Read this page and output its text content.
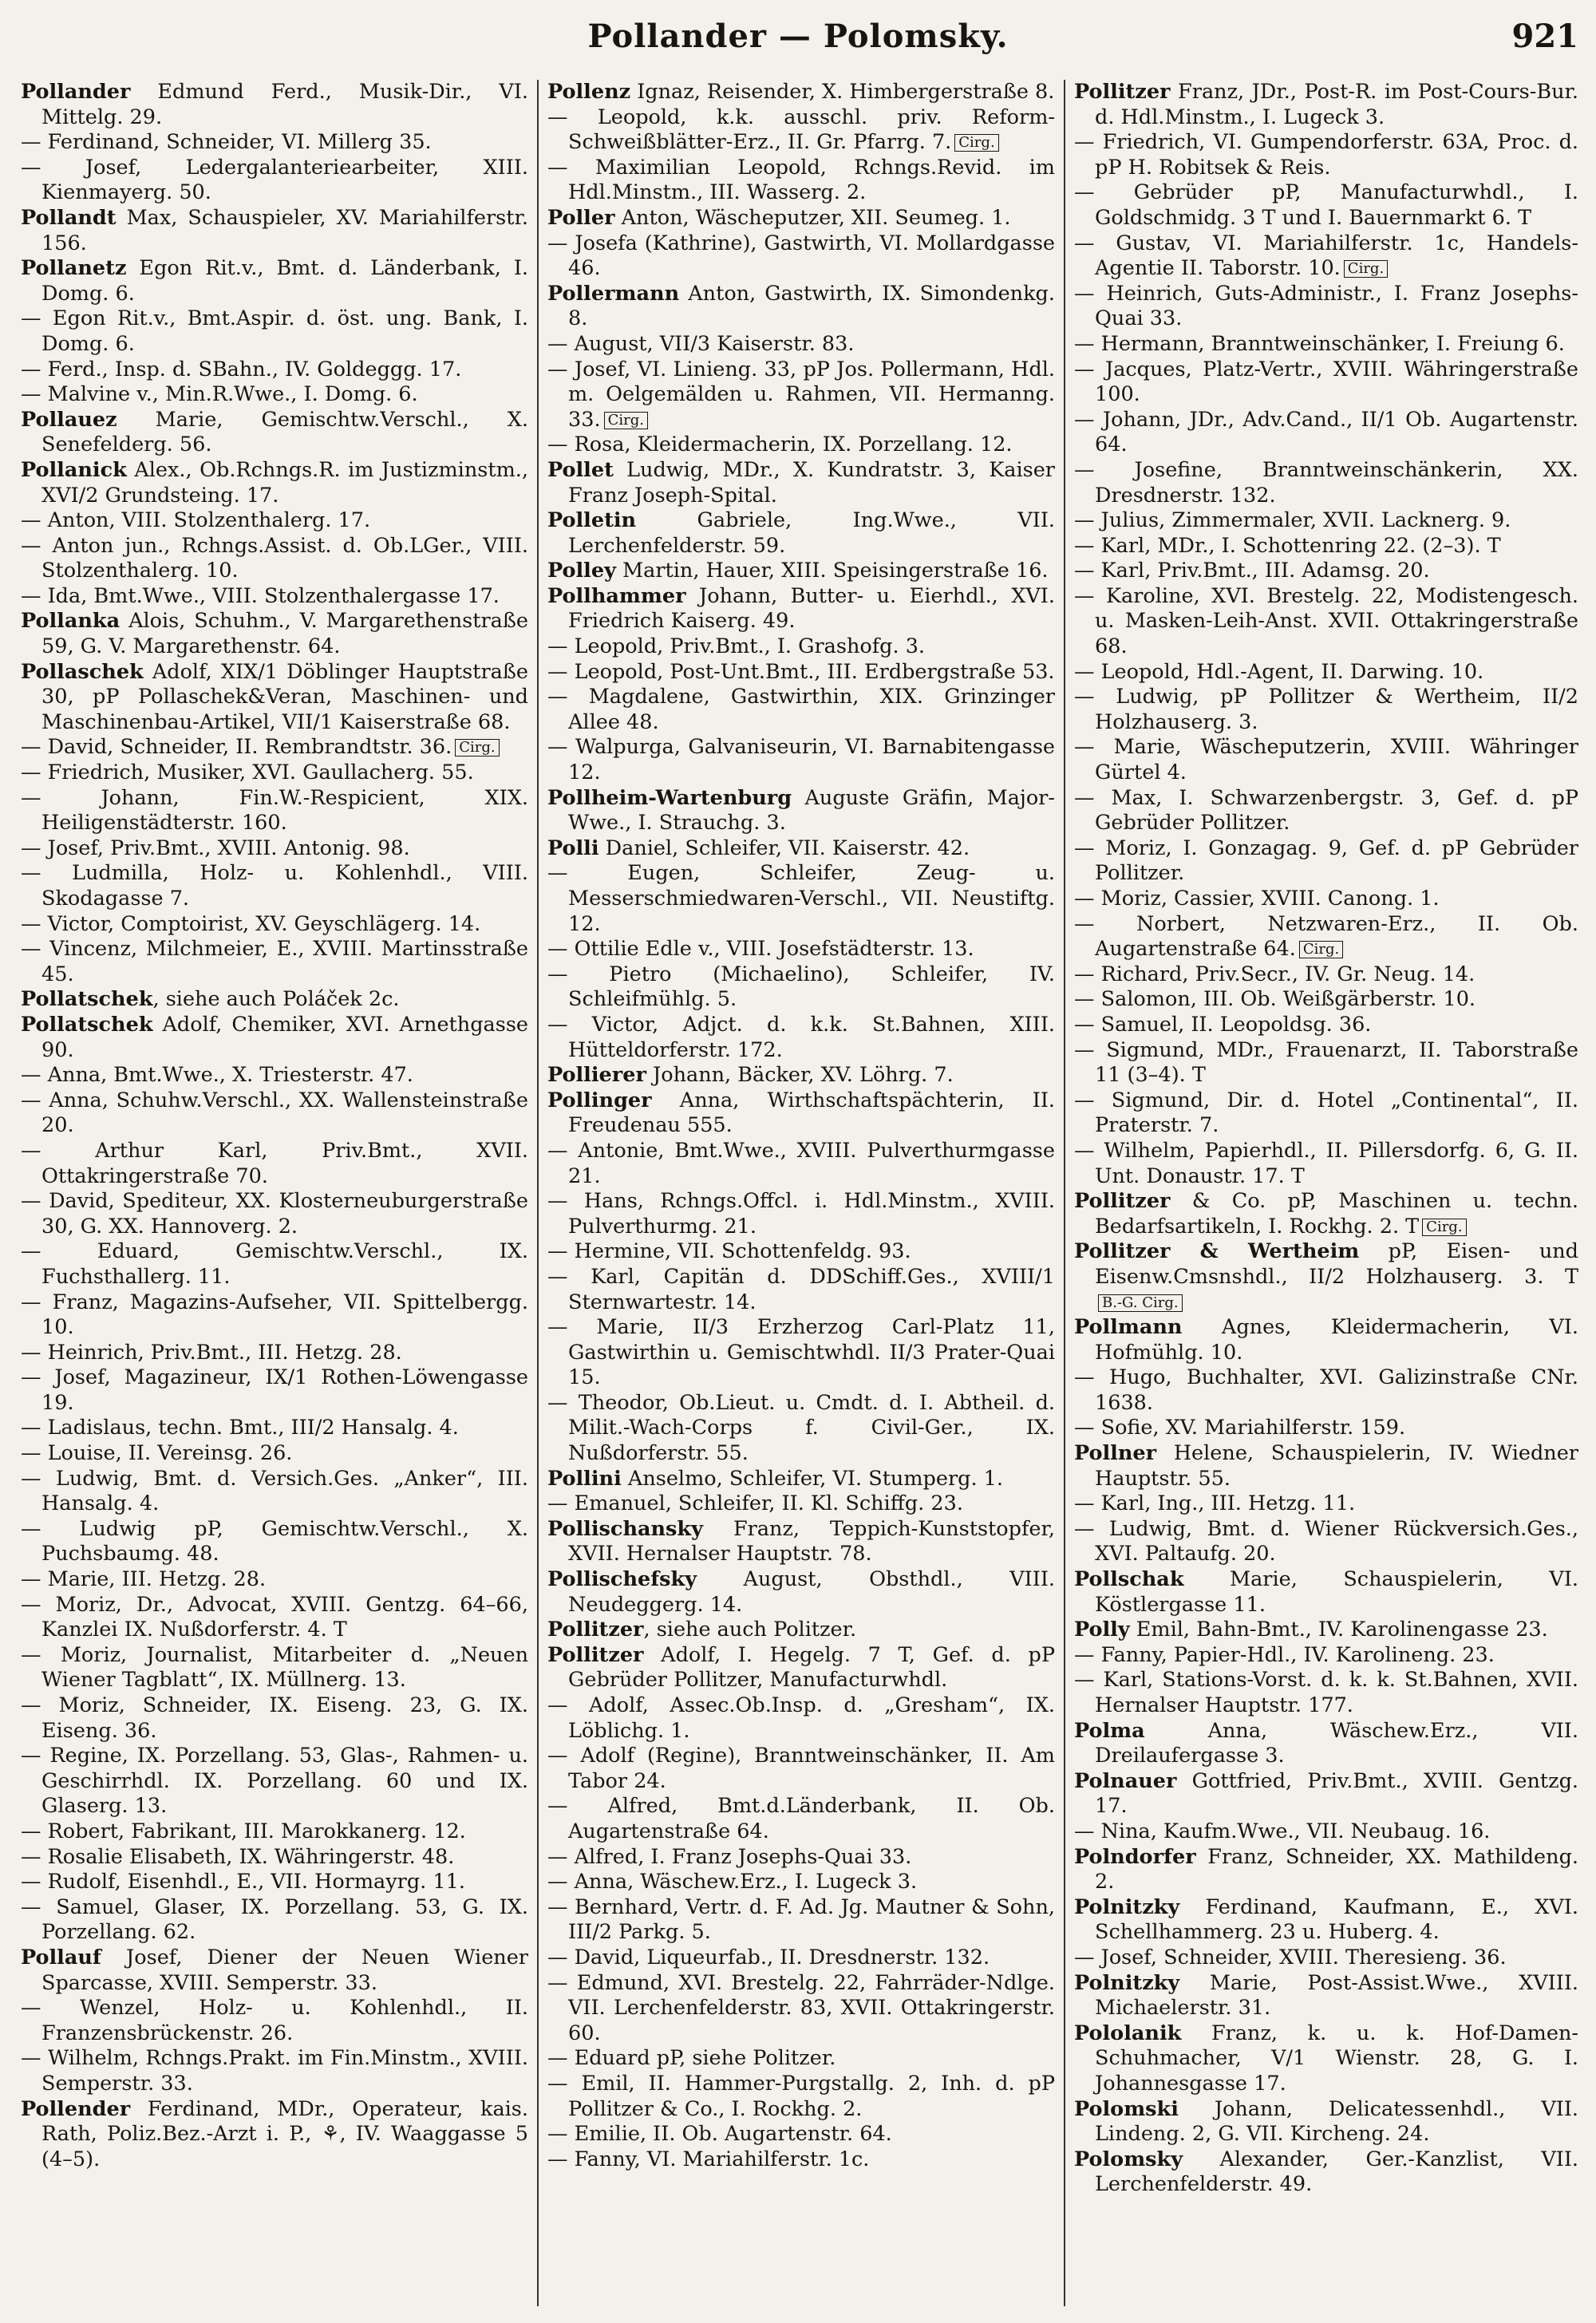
Pollander — Polomsky.	921

Pollander Edmund Ferd., Musik-Dir., VI. Mittelg. 29.

— Ferdinand, Schneider, VI. Millerg 35.

— Josef, Ledergalanteriearbeiter, XIII. Kienmayerg. 50.

Pollandt Max, Schauspieler, XV. Mariahilferstr. 156.

Pollanetz Egon Rit.v., Bmt. d. Länderbank, I. Domg. 6.

— Egon Rit.v., Bmt.Aspir. d. öst. ung. Bank, I. Domg. 6.

— Ferd., Insp. d. SBahn., IV. Goldeggg. 17.

— Malvine v., Min.R.Wwe., I. Domg. 6.

Pollauez Marie, Gemischtw.Verschl., X. Senefelderg. 56.

Pollanick Alex., Ob.Rchngs.R. im Justizminstm., XVI/2 Grundsteing. 17.

— Anton, VIII. Stolzenthalerg. 17.

— Anton jun., Rchngs.Assist. d. Ob.LGer., VIII. Stolzenthalerg. 10.

— Ida, Bmt.Wwe., VIII. Stolzenthalergasse 17.

Pollanka Alois, Schuhm., V. Margarethenstraße 59, G. V. Margarethenstr. 64.

Pollaschek Adolf, XIX/1 Döblinger Hauptstraße 30, pP Pollaschek&Veran, Maschinen- und Maschinenbau-Artikel, VII/1 Kaiserstraße 68.

— David, Schneider, II. Rembrandtstr. 36. Cirg.

— Friedrich, Musiker, XVI. Gaullacherg. 55.

— Johann, Fin.W.-Respicient, XIX. Heiligenstädterstr. 160.

— Josef, Priv.Bmt., XVIII. Antonig. 98.

— Ludmilla, Holz- u. Kohlenhdl., VIII. Skodagasse 7.

— Victor, Comptoirist, XV. Geyschlägerg. 14.

— Vincenz, Milchmeier, E., XVIII. Martinsstraße 45.

Pollatschek, siehe auch Poláček 2c.

Pollatschek Adolf, Chemiker, XVI. Arnethgasse 90.

— Anna, Bmt.Wwe., X. Triesterstr. 47.

— Anna, Schuhw.Verschl., XX. Wallensteinstraße 20.

— Arthur Karl, Priv.Bmt., XVII. Ottakringerstraße 70.

— David, Spediteur, XX. Klosterneuburgerstraße 30, G. XX. Hannoverg. 2.

— Eduard, Gemischtw.Verschl., IX. Fuchsthallerg. 11.

— Franz, Magazins-Aufseher, VII. Spittelbergg. 10.

— Heinrich, Priv.Bmt., III. Hetzg. 28.

— Josef, Magazineur, IX/1 Rothen-Löwengasse 19.

— Ladislaus, techn. Bmt., III/2 Hansalg. 4.

— Louise, II. Vereinsg. 26.

— Ludwig, Bmt. d. Versich.Ges. „Anker“, III. Hansalg. 4.

— Ludwig pP, Gemischtw.Verschl., X. Puchsbaumg. 48.

— Marie, III. Hetzg. 28.

— Moriz, Dr., Advocat, XVIII. Gentzg. 64–66, Kanzlei IX. Nußdorferstr. 4. T

— Moriz, Journalist, Mitarbeiter d. „Neuen Wiener Tagblatt“, IX. Müllnerg. 13.

— Moriz, Schneider, IX. Eiseng. 23, G. IX. Eiseng. 36.

— Regine, IX. Porzellang. 53, Glas-, Rahmen- u. Geschirrhdl. IX. Porzellang. 60 und IX. Glaserg. 13.

— Robert, Fabrikant, III. Marokkanerg. 12.

— Rosalie Elisabeth, IX. Währingerstr. 48.

— Rudolf, Eisenhdl., E., VII. Hormayrg. 11.

— Samuel, Glaser, IX. Porzellang. 53, G. IX. Porzellang. 62.

Pollauf Josef, Diener der Neuen Wiener Sparcasse, XVIII. Semperstr. 33.

— Wenzel, Holz- u. Kohlenhdl., II. Franzensbrückenstr. 26.

— Wilhelm, Rchngs.Prakt. im Fin.Minstm., XVIII. Semperstr. 33.

Pollender Ferdinand, MDr., Operateur, kais. Rath, Poliz.Bez.-Arzt i. P., ⚘, IV. Waaggasse 5 (4–5).

Pollenz Ignaz, Reisender, X. Himbergerstraße 8.

— Leopold, k.k. ausschl. priv. Reform-Schweißblätter-Erz., II. Gr. Pfarrg. 7. Cirg.

— Maximilian Leopold, Rchngs.Revid. im Hdl.Minstm., III. Wasserg. 2.

Poller Anton, Wäscheputzer, XII. Seumeg. 1.

— Josefa (Kathrine), Gastwirth, VI. Mollardgasse 46.

Pollermann Anton, Gastwirth, IX. Simondenkg. 8.

— August, VII/3 Kaiserstr. 83.

— Josef, VI. Linieng. 33, pP Jos. Pollermann, Hdl. m. Oelgemälden u. Rahmen, VII. Hermanng. 33. Cirg.

— Rosa, Kleidermacherin, IX. Porzellang. 12.

Pollet Ludwig, MDr., X. Kundratstr. 3, Kaiser Franz Joseph-Spital.

Polletin Gabriele, Ing.Wwe., VII. Lerchenfelderstr. 59.

Polley Martin, Hauer, XIII. Speisingerstraße 16.

Pollhammer Johann, Butter- u. Eierhdl., XVI. Friedrich Kaiserg. 49.

— Leopold, Priv.Bmt., I. Grashofg. 3.

— Leopold, Post-Unt.Bmt., III. Erdbergstraße 53.

— Magdalene, Gastwirthin, XIX. Grinzinger Allee 48.

— Walpurga, Galvaniseurin, VI. Barnabitengasse 12.

Pollheim-Wartenburg Auguste Gräfin, Major-Wwe., I. Strauchg. 3.

Polli Daniel, Schleifer, VII. Kaiserstr. 42.

— Eugen, Schleifer, Zeug- u. Messerschmiedwaren-Verschl., VII. Neustiftg. 12.

— Ottilie Edle v., VIII. Josefstädterstr. 13.

— Pietro (Michaelino), Schleifer, IV. Schleifmühlg. 5.

— Victor, Adjct. d. k.k. St.Bahnen, XIII. Hütteldorferstr. 172.

Pollierer Johann, Bäcker, XV. Löhrg. 7.

Pollinger Anna, Wirthschaftspächterin, II. Freudenau 555.

— Antonie, Bmt.Wwe., XVIII. Pulverthurmgasse 21.

— Hans, Rchngs.Offcl. i. Hdl.Minstm., XVIII. Pulverthurmg. 21.

— Hermine, VII. Schottenfeldg. 93.

— Karl, Capitän d. DDSchiff.Ges., XVIII/1 Sternwartestr. 14.

— Marie, II/3 Erzherzog Carl-Platz 11, Gastwirthin u. Gemischtwhdl. II/3 Prater-Quai 15.

— Theodor, Ob.Lieut. u. Cmdt. d. I. Abtheil. d. Milit.-Wach-Corps f. Civil-Ger., IX. Nußdorferstr. 55.

Pollini Anselmo, Schleifer, VI. Stumperg. 1.

— Emanuel, Schleifer, II. Kl. Schiffg. 23.

Pollischansky Franz, Teppich-Kunststopfer, XVII. Hernalser Hauptstr. 78.

Pollischefsky August, Obsthdl., VIII. Neudeggerg. 14.

Pollitzer, siehe auch Politzer.

Pollitzer Adolf, I. Hegelg. 7 T, Gef. d. pP Gebrüder Pollitzer, Manufacturwhdl.

— Adolf, Assec.Ob.Insp. d. „Gresham“, IX. Löblichg. 1.

— Adolf (Regine), Branntweinschänker, II. Am Tabor 24.

— Alfred, Bmt.d.Länderbank, II. Ob. Augartenstraße 64.

— Alfred, I. Franz Josephs-Quai 33.

— Anna, Wäschew.Erz., I. Lugeck 3.

— Bernhard, Vertr. d. F. Ad. Jg. Mautner & Sohn, III/2 Parkg. 5.

— David, Liqueurfab., II. Dresdnerstr. 132.

— Edmund, XVI. Brestelg. 22, Fahrräder-Ndlge. VII. Lerchenfelderstr. 83, XVII. Ottakringerstr. 60.

— Eduard pP, siehe Politzer.

— Emil, II. Hammer-Purgstallg. 2, Inh. d. pP Pollitzer & Co., I. Rockhg. 2.

— Emilie, II. Ob. Augartenstr. 64.

— Fanny, VI. Mariahilferstr. 1c.

Pollitzer Franz, JDr., Post-R. im Post-Cours-Bur. d. Hdl.Minstm., I. Lugeck 3.

— Friedrich, VI. Gumpendorferstr. 63A, Proc. d. pP H. Robitsek & Reis.

— Gebrüder pP, Manufacturwhdl., I. Goldschmidg. 3 T und I. Bauernmarkt 6. T

— Gustav, VI. Mariahilferstr. 1c, Handels-Agentie II. Taborstr. 10. Cirg.

— Heinrich, Guts-Administr., I. Franz Josephs-Quai 33.

— Hermann, Branntweinschänker, I. Freiung 6.

— Jacques, Platz-Vertr., XVIII. Währingerstraße 100.

— Johann, JDr., Adv.Cand., II/1 Ob. Augartenstr. 64.

— Josefine, Branntweinschänkerin, XX. Dresdnerstr. 132.

— Julius, Zimmermaler, XVII. Lacknerg. 9.

— Karl, MDr., I. Schottenring 22. (2–3). T

— Karl, Priv.Bmt., III. Adamsg. 20.

— Karoline, XVI. Brestelg. 22, Modistengesch. u. Masken-Leih-Anst. XVII. Ottakringerstraße 68.

— Leopold, Hdl.-Agent, II. Darwing. 10.

— Ludwig, pP Pollitzer & Wertheim, II/2 Holzhauserg. 3.

— Marie, Wäscheputzerin, XVIII. Währinger Gürtel 4.

— Max, I. Schwarzenbergstr. 3, Gef. d. pP Gebrüder Pollitzer.

— Moriz, I. Gonzagag. 9, Gef. d. pP Gebrüder Pollitzer.

— Moriz, Cassier, XVIII. Canong. 1.

— Norbert, Netzwaren-Erz., II. Ob. Augartenstraße 64. Cirg.

— Richard, Priv.Secr., IV. Gr. Neug. 14.

— Salomon, III. Ob. Weißgärberstr. 10.

— Samuel, II. Leopoldsg. 36.

— Sigmund, MDr., Frauenarzt, II. Taborstraße 11 (3–4). T

— Sigmund, Dir. d. Hotel „Continental“, II. Praterstr. 7.

— Wilhelm, Papierhdl., II. Pillersdorfg. 6, G. II. Unt. Donaustr. 17. T

Pollitzer & Co. pP, Maschinen u. techn. Bedarfsartikeln, I. Rockhg. 2. T Cirg.

Pollitzer & Wertheim pP, Eisen- und Eisenw.Cmsnshdl., II/2 Holzhauserg. 3. TB.-G. Cirg.

Pollmann Agnes, Kleidermacherin, VI. Hofmühlg. 10.

— Hugo, Buchhalter, XVI. Galizinstraße CNr. 1638.

— Sofie, XV. Mariahilferstr. 159.

Pollner Helene, Schauspielerin, IV. Wiedner Hauptstr. 55.

— Karl, Ing., III. Hetzg. 11.

— Ludwig, Bmt. d. Wiener Rückversich.Ges., XVI. Paltaufg. 20.

Pollschak Marie, Schauspielerin, VI. Köstlergasse 11.

Polly Emil, Bahn-Bmt., IV. Karolinengasse 23.

— Fanny, Papier-Hdl., IV. Karolineng. 23.

— Karl, Stations-Vorst. d. k. k. St.Bahnen, XVII. Hernalser Hauptstr. 177.

Polma Anna, Wäschew.Erz., VII. Dreilaufergasse 3.

Polnauer Gottfried, Priv.Bmt., XVIII. Gentzg. 17.

— Nina, Kaufm.Wwe., VII. Neubaug. 16.

Polndorfer Franz, Schneider, XX. Mathildeng. 2.

Polnitzky Ferdinand, Kaufmann, E., XVI. Schellhammerg. 23 u. Huberg. 4.

— Josef, Schneider, XVIII. Theresieng. 36.

Polnitzky Marie, Post-Assist.Wwe., XVIII. Michaelerstr. 31.

Pololanik Franz, k. u. k. Hof-Damen-Schuhmacher, V/1 Wienstr. 28, G. I. Johannesgasse 17.

Polomski Johann, Delicatessenhdl., VII. Lindeng. 2, G. VII. Kircheng. 24.

Polomsky Alexander, Ger.-Kanzlist, VII. Lerchenfelderstr. 49.
